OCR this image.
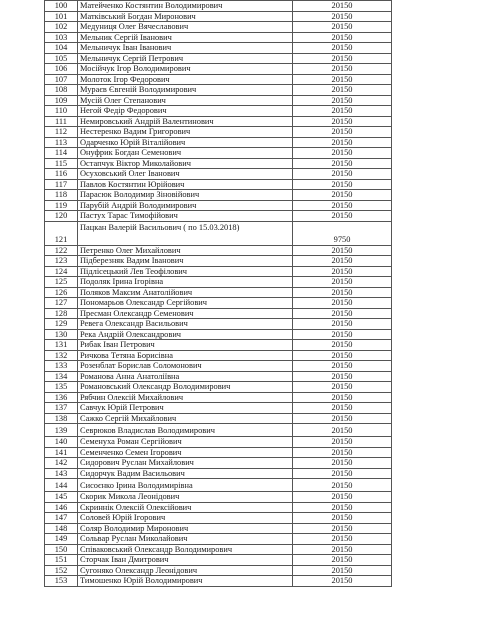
100	Матейченко Костянтин Володимирович	20150
101	Матківський Богдан Миронович	20150
102	Медуниця Олег Вячеславович	20150
103	Мельник Сергій Іванович	20150
104	Мельничук Іван Іванович	20150
105	Мельничук Сергій Петрович	20150
106	Мосійчук Ігор Володимирович	20150
107	Молоток Ігор Федорович	20150
108	Мураєв Євгеній Володимирович	20150
109	Мусій Олег Степанович	20150
110	Негой Федір Федорович	20150
111	Немировський Андрій Валентинович	20150
112	Нестеренко Вадим Григорович	20150
113	Одарченко Юрій Віталійович	20150
114	Онуфрик Богдан Семенович	20150
115	Остапчук Віктор Миколайович	20150
116	Осуховський Олег Іванович	20150
117	Павлов Костянтин Юрійович	20150
118	Парасюк Володимир Зіновійович	20150
119	Парубій Андрій Володимирович	20150
120	Пастух Тарас Тимофійович	20150
121	Пацкан Валерій Васильович ( по 15.03.2018)	9750
122	Петренко Олег Михайлович	20150
123	Підберезняк Вадим Іванович	20150
124	Підлісецький Лев Теофілович	20150
125	Подоляк Ірина Ігорівна	20150
126	Поляков Максим Анатолійович	20150
127	Пономарьов Олександр Сергійович	20150
128	Пресман Олександр Семенович	20150
129	Ревега Олександр Васильович	20150
130	Река Андрій Олександрович	20150
131	Рибак Іван Петрович	20150
132	Ричкова Тетяна Борисівна	20150
133	Розенблат Борислав Соломонович	20150
134	Романова Анна Анатоліївна	20150
135	Романовський Олександр Володимирович	20150
136	Рябчин Олексій Михайлович	20150
137	Савчук Юрій Петрович	20150
138	Сажко Сергій Михайлович	20150
139	Севрюков Владислав Володимирович	20150
140	Семенуха Роман Сергійович	20150
141	Семенченко Семен Ігорович	20150
142	Сидорович Руслан Михайлович	20150
143	Сидорчук Вадим Васильович	20150
144	Сисоєнко Ірина Володимирівна	20150
145	Скорик Микола Леонідович	20150
146	Скриннік Олексій Олексійович	20150
147	Соловей Юрій Ігорович	20150
148	Соляр Володимир Миронович	20150
149	Сольвар Руслан Миколайович	20150
150	Співаковський Олександр Володимирович	20150
151	Сторчак Іван Дмитрович	20150
152	Сугоняко Олександр Леонідович	20150
153	Тимошенко Юрій Володимирович	20150
